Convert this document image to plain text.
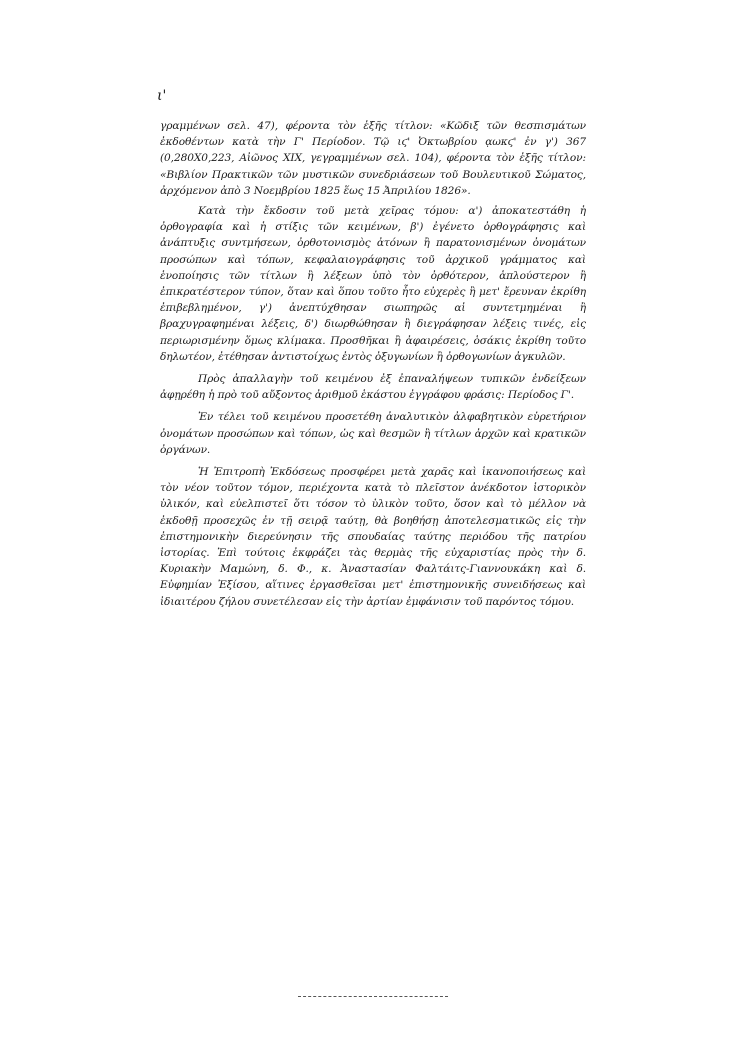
ι'

γραμμένων σελ. 47), φέροντα τὸν ἑξῆς τίτλον: «Κῶδιξ τῶν θεσπισμάτων ἐκδοθέντων κατὰ τὴν Γ' Περίοδον. Τῷ ιϛ' Ὀκτωβρίου ᾳωκϛ' ἐν γ') 367 (0,280Χ0,223, Αἰῶνος XIX, γεγραμμένων σελ. 104), φέροντα τὸν ἑξῆς τίτλον: «Βιβλίον Πρακτικῶν τῶν μυστικῶν συνεδριάσεων τοῦ Βουλευτικοῦ Σώματος, ἀρχόμενον ἀπὸ 3 Νοεμβρίου 1825 ἕως 15 Ἀπριλίου 1826».

Κατὰ τὴν ἔκδοσιν τοῦ μετὰ χεῖρας τόμου: α') ἀποκατεστάθη ἡ ὀρθογραφία καὶ ἡ στίξις τῶν κειμένων, β') ἐγένετο ὀρθογράφησις καὶ ἀνάπτυξις συντμήσεων, ὀρθοτονισμὸς ἀτόνων ἢ παρατονισμένων ὀνομάτων προσώπων καὶ τόπων, κεφαλαιογράφησις τοῦ ἀρχικοῦ γράμματος καὶ ἑνοποίησις τῶν τίτλων ἢ λέξεων ὑπὸ τὸν ὀρθότερον, ἁπλούστερον ἢ ἐπικρατέστερον τύπον, ὅταν καὶ ὅπου τοῦτο ἦτο εὐχερὲς ἢ μετ' ἔρευναν ἐκρίθη ἐπιβεβλημένον, γ') ἀνεπτύχθησαν σιωπηρῶς αἱ συντετμημέναι ἢ βραχυγραφημέναι λέξεις, δ') διωρθώθησαν ἢ διεγράφησαν λέξεις τινές, εἰς περιωρισμένην ὅμως κλίμακα. Προσθῆκαι ἢ ἀφαιρέσεις, ὁσάκις ἐκρίθη τοῦτο δηλωτέον, ἐτέθησαν ἀντιστοίχως ἐντὸς ὀξυγωνίων ἢ ὀρθογωνίων ἀγκυλῶν.

Πρὸς ἀπαλλαγὴν τοῦ κειμένου ἐξ ἐπαναλήψεων τυπικῶν ἐνδείξεων ἀφῃρέθη ἡ πρὸ τοῦ αὔξοντος ἀριθμοῦ ἑκάστου ἐγγράφου φράσις: Περίοδος Γ'.

Ἐν τέλει τοῦ κειμένου προσετέθη ἀναλυτικὸν ἀλφαβητικὸν εὑρετήριον ὀνομάτων προσώπων καὶ τόπων, ὡς καὶ θεσμῶν ἢ τίτλων ἀρχῶν καὶ κρατικῶν ὀργάνων.

Ἡ Ἐπιτροπὴ Ἐκδόσεως προσφέρει μετὰ χαρᾶς καὶ ἱκανοποιήσεως καὶ τὸν νέον τοῦτον τόμον, περιέχοντα κατὰ τὸ πλεῖστον ἀνέκδοτον ἱστορικὸν ὑλικόν, καὶ εὐελπιστεῖ ὅτι τόσον τὸ ὑλικὸν τοῦτο, ὅσον καὶ τὸ μέλλον νὰ ἐκδοθῇ προσεχῶς ἐν τῇ σειρᾷ ταύτῃ, θὰ βοηθήσῃ ἀποτελεσματικῶς εἰς τὴν ἐπιστημονικὴν διερεύνησιν τῆς σπουδαίας ταύτης περιόδου τῆς πατρίου ἱστορίας. Ἐπὶ τούτοις ἐκφράζει τὰς θερμὰς τῆς εὐχαριστίας πρὸς τὴν δ. Κυριακὴν Μαμώνη, δ. Φ., κ. Ἀναστασίαν Φαλτάιτς-Γιαννουκάκη καὶ δ. Εὐφημίαν Ἐξίσου, αἵτινες ἐργασθεῖσαι μετ' ἐπιστημονικῆς συνειδήσεως καὶ ἰδιαιτέρου ζήλου συνετέλεσαν εἰς τὴν ἀρτίαν ἐμφάνισιν τοῦ παρόντος τόμου.
